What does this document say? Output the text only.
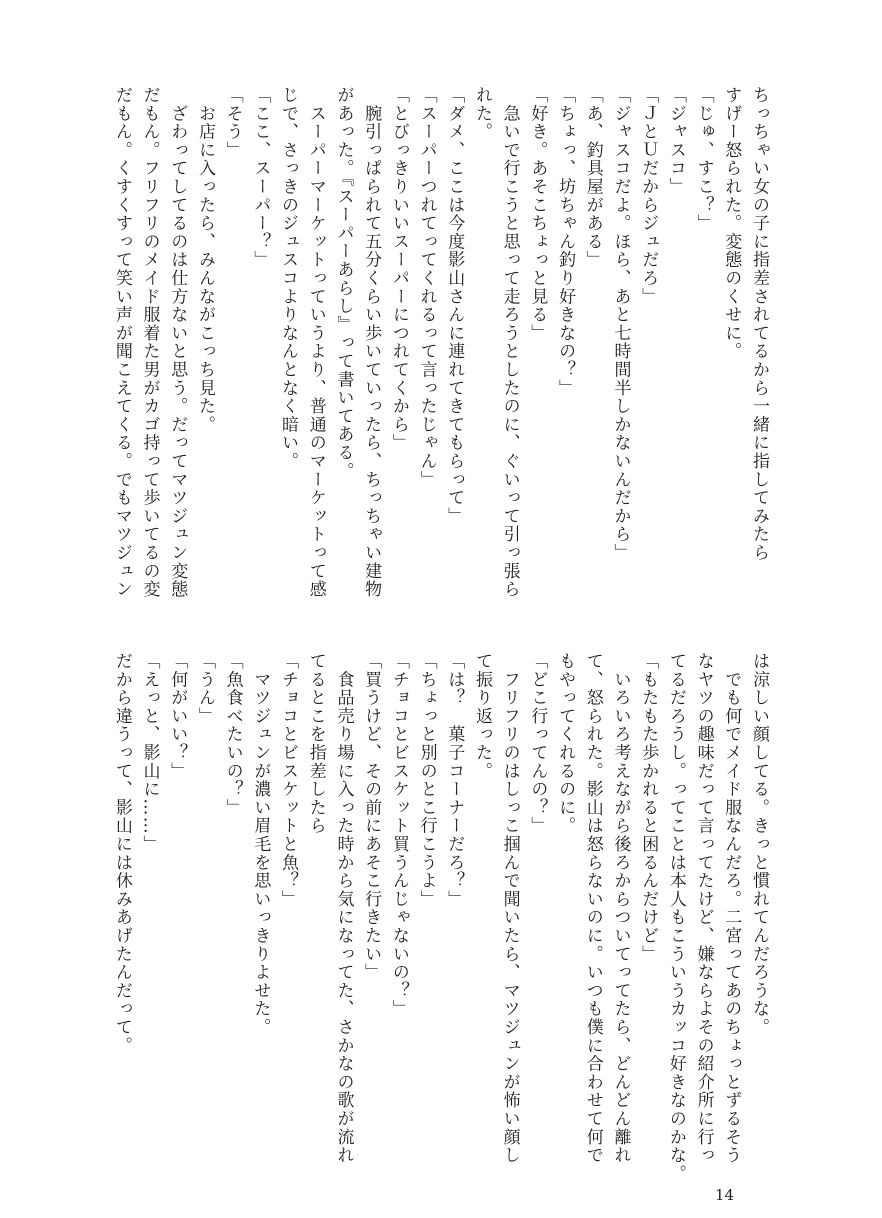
ちっちゃい女の子に指差されてるから一緒に指してみたら
すげー怒られた。変態のくせに。
「じゅ、すこ？」
「ジャスコ」
「ＪとＵだからジュだろ」
「ジャスコだよ。ほら、あと七時間半しかないんだから」
「あ、釣具屋がある」
「ちょっ、坊ちゃん釣り好きなの？」
「好き。あそこちょっと見る」
　急いで行こうと思って走ろうとしたのに、ぐいって引っ張ら
れた。
「ダメ、ここは今度影山さんに連れてきてもらって」
「スーパーつれてってくれるって言ったじゃん」
「とびっきりいいスーパーにつれてくから」
　腕引っぱられて五分くらい歩いていったら、ちっちゃい建物
があった。『スーパーあらし』って書いてある。
　スーパーマーケットっていうより、普通のマーケットって感
じで、さっきのジュスコよりなんとなく暗い。
「ここ、スーパー？」
「そう」
　お店に入ったら、みんながこっち見た。
　ざわってしてるのは仕方ないと思う。だってマツジュン変態
だもん。フリフリのメイド服着た男がカゴ持って歩いてるの変
だもん。くすくすって笑い声が聞こえてくる。でもマツジュン
は涼しい顔してる。きっと慣れてんだろうな。
　でも何でメイド服なんだろ。二宮ってあのちょっとずるそう
なヤツの趣味だって言ってたけど、嫌ならよその紹介所に行っ
てるだろうし。ってことは本人もこういうカッコ好きなのかな。
「もたもた歩かれると困るんだけど」
　いろいろ考えながら後ろからついてってたら、どんどん離れ
て、怒られた。影山は怒らないのに。いつも僕に合わせて何で
もやってくれるのに。
「どこ行ってんの？」
　フリフリのはしっこ掴んで聞いたら、マツジュンが怖い顔し
て振り返った。
「は？　菓子コーナーだろ？」
「ちょっと別のとこ行こうよ」
「チョコとビスケット買うんじゃないの？」
「買うけど、その前にあそこ行きたい」
　食品売り場に入った時から気になってた、さかなの歌が流れ
てるとこを指差したら
「チョコとビスケットと魚？」
　マツジュンが濃い眉毛を思いっきりよせた。
「魚食べたいの？」
「うん」
「何がいい？」
「えっと、影山に……」
だから違うって、影山には休みあげたんだって。
14
